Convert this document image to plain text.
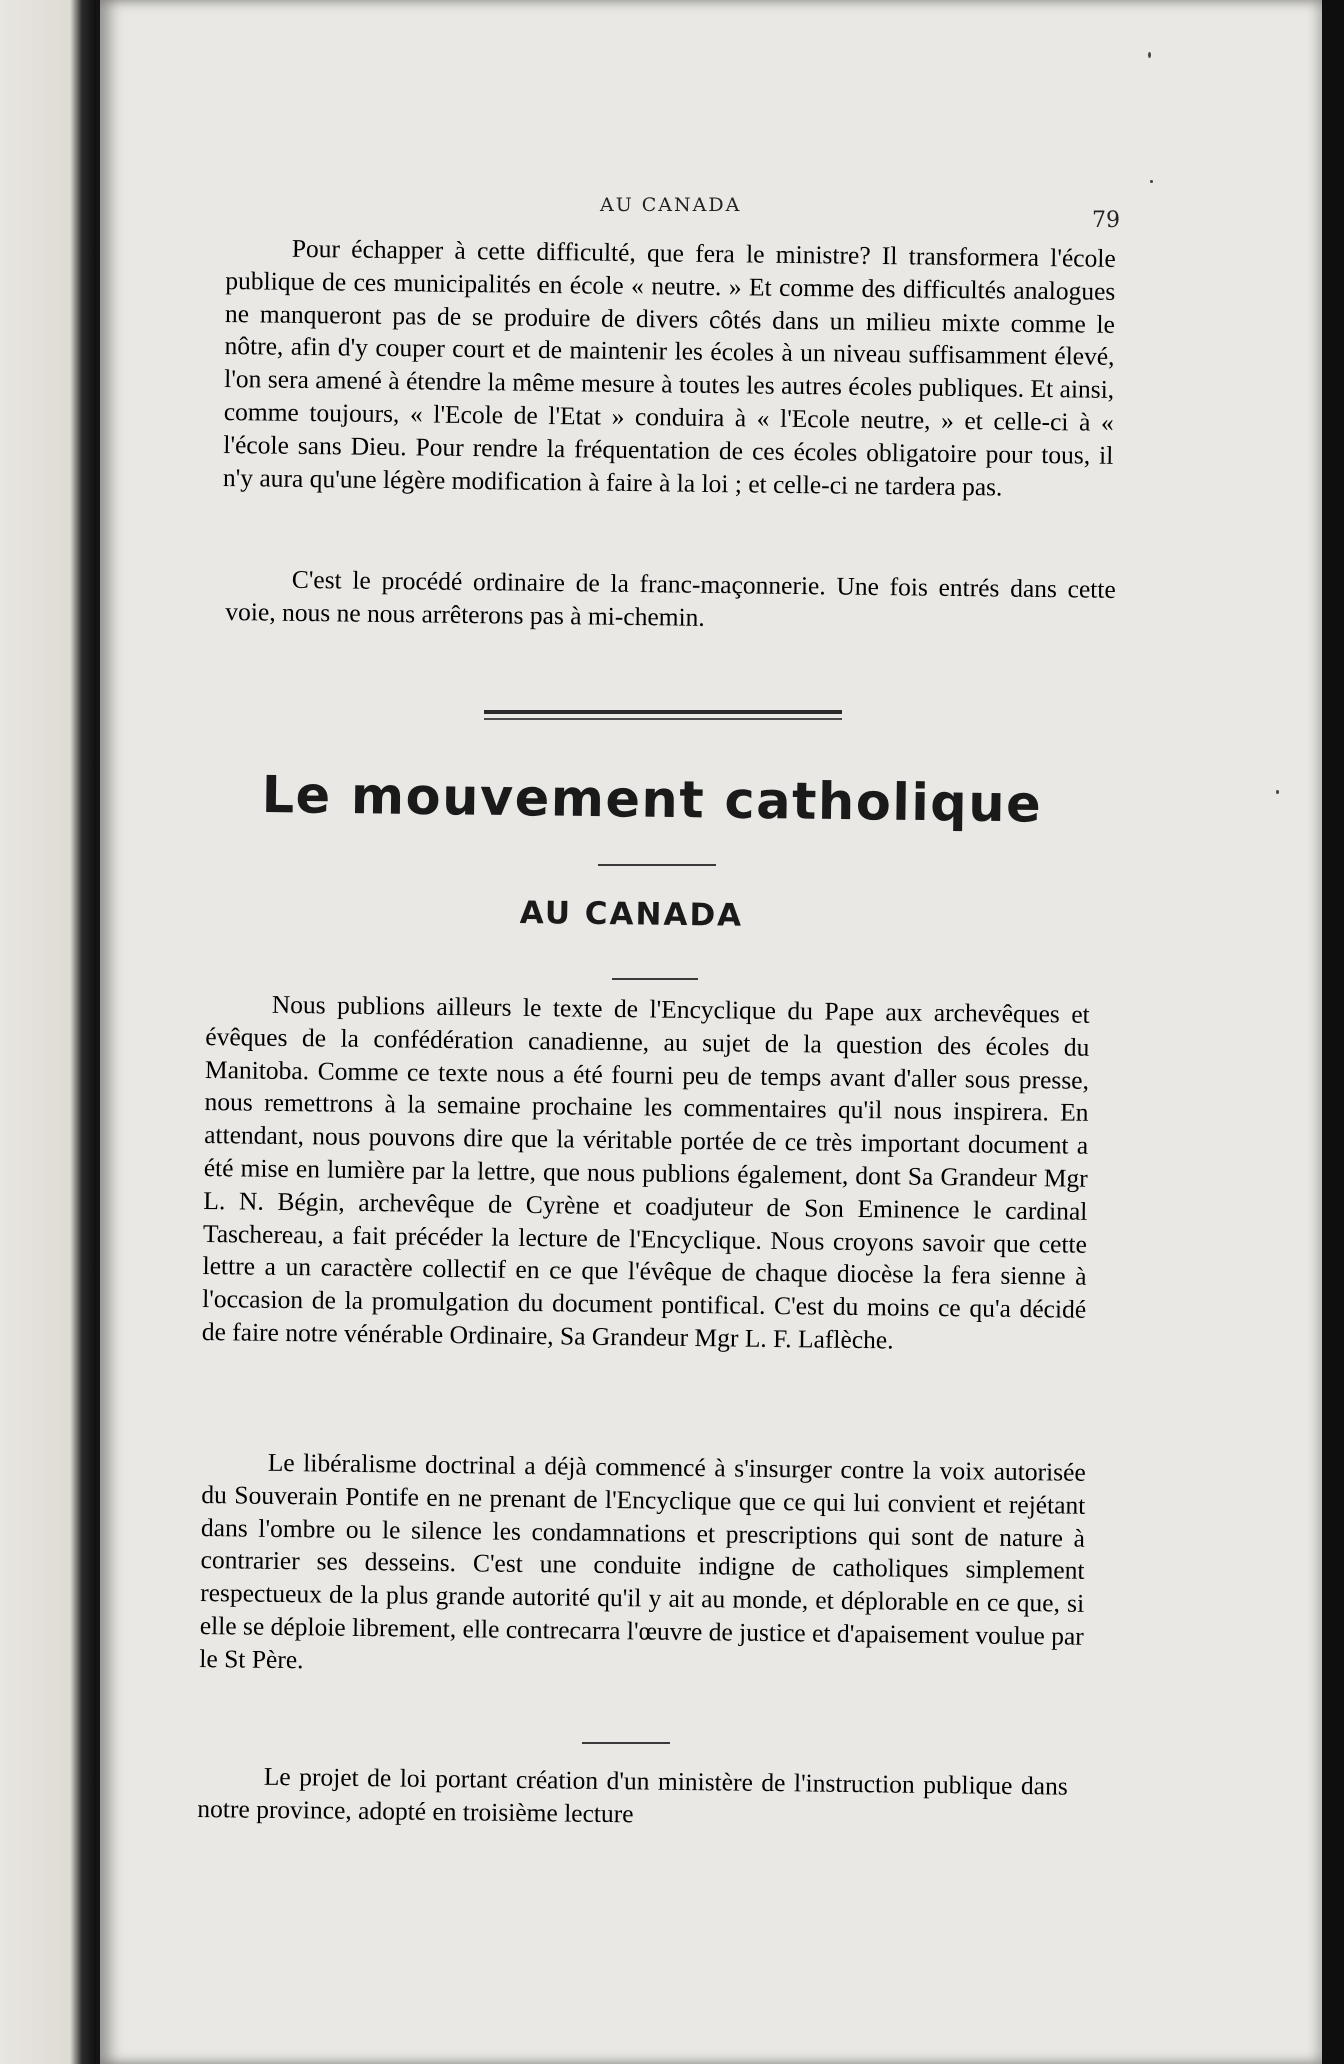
AU CANADA
79

Pour échapper à cette difficulté, que fera le ministre? Il transformera l'école publique de ces municipalités en école « neutre. » Et comme des difficultés analogues ne manqueront pas de se produire de divers côtés dans un milieu mixte comme le nôtre, afin d'y couper court et de maintenir les écoles à un niveau suffisamment élevé, l'on sera amené à étendre la même mesure à toutes les autres écoles publiques. Et ainsi, comme toujours, « l'Ecole de l'Etat » conduira à « l'Ecole neutre, » et celle-ci à « l'école sans Dieu. Pour rendre la fréquentation de ces écoles obligatoire pour tous, il n'y aura qu'une légère modification à faire à la loi ; et celle-ci ne tardera pas.

C'est le procédé ordinaire de la franc-maçonnerie. Une fois entrés dans cette voie, nous ne nous arrêterons pas à mi-chemin.

Le mouvement catholique
AU CANADA

Nous publions ailleurs le texte de l'Encyclique du Pape aux archevêques et évêques de la confédération canadienne, au sujet de la question des écoles du Manitoba. Comme ce texte nous a été fourni peu de temps avant d'aller sous presse, nous remettrons à la semaine prochaine les commentaires qu'il nous inspirera. En attendant, nous pouvons dire que la véritable portée de ce très important document a été mise en lumière par la lettre, que nous publions également, dont Sa Grandeur Mgr L. N. Bégin, archevêque de Cyrène et coadjuteur de Son Eminence le cardinal Taschereau, a fait précéder la lecture de l'Encyclique. Nous croyons savoir que cette lettre a un caractère collectif en ce que l'évêque de chaque diocèse la fera sienne à l'occasion de la promulgation du document pontifical. C'est du moins ce qu'a décidé de faire notre vénérable Ordinaire, Sa Grandeur Mgr L. F. Laflèche.

Le libéralisme doctrinal a déjà commencé à s'insurger contre la voix autorisée du Souverain Pontife en ne prenant de l'Encyclique que ce qui lui convient et rejétant dans l'ombre ou le silence les condamnations et prescriptions qui sont de nature à contrarier ses desseins. C'est une conduite indigne de catholiques simplement respectueux de la plus grande autorité qu'il y ait au monde, et déplorable en ce que, si elle se déploie librement, elle contrecarra l'œuvre de justice et d'apaisement voulue par le St Père.

Le projet de loi portant création d'un ministère de l'instruction publique dans notre province, adopté en troisième lecture
